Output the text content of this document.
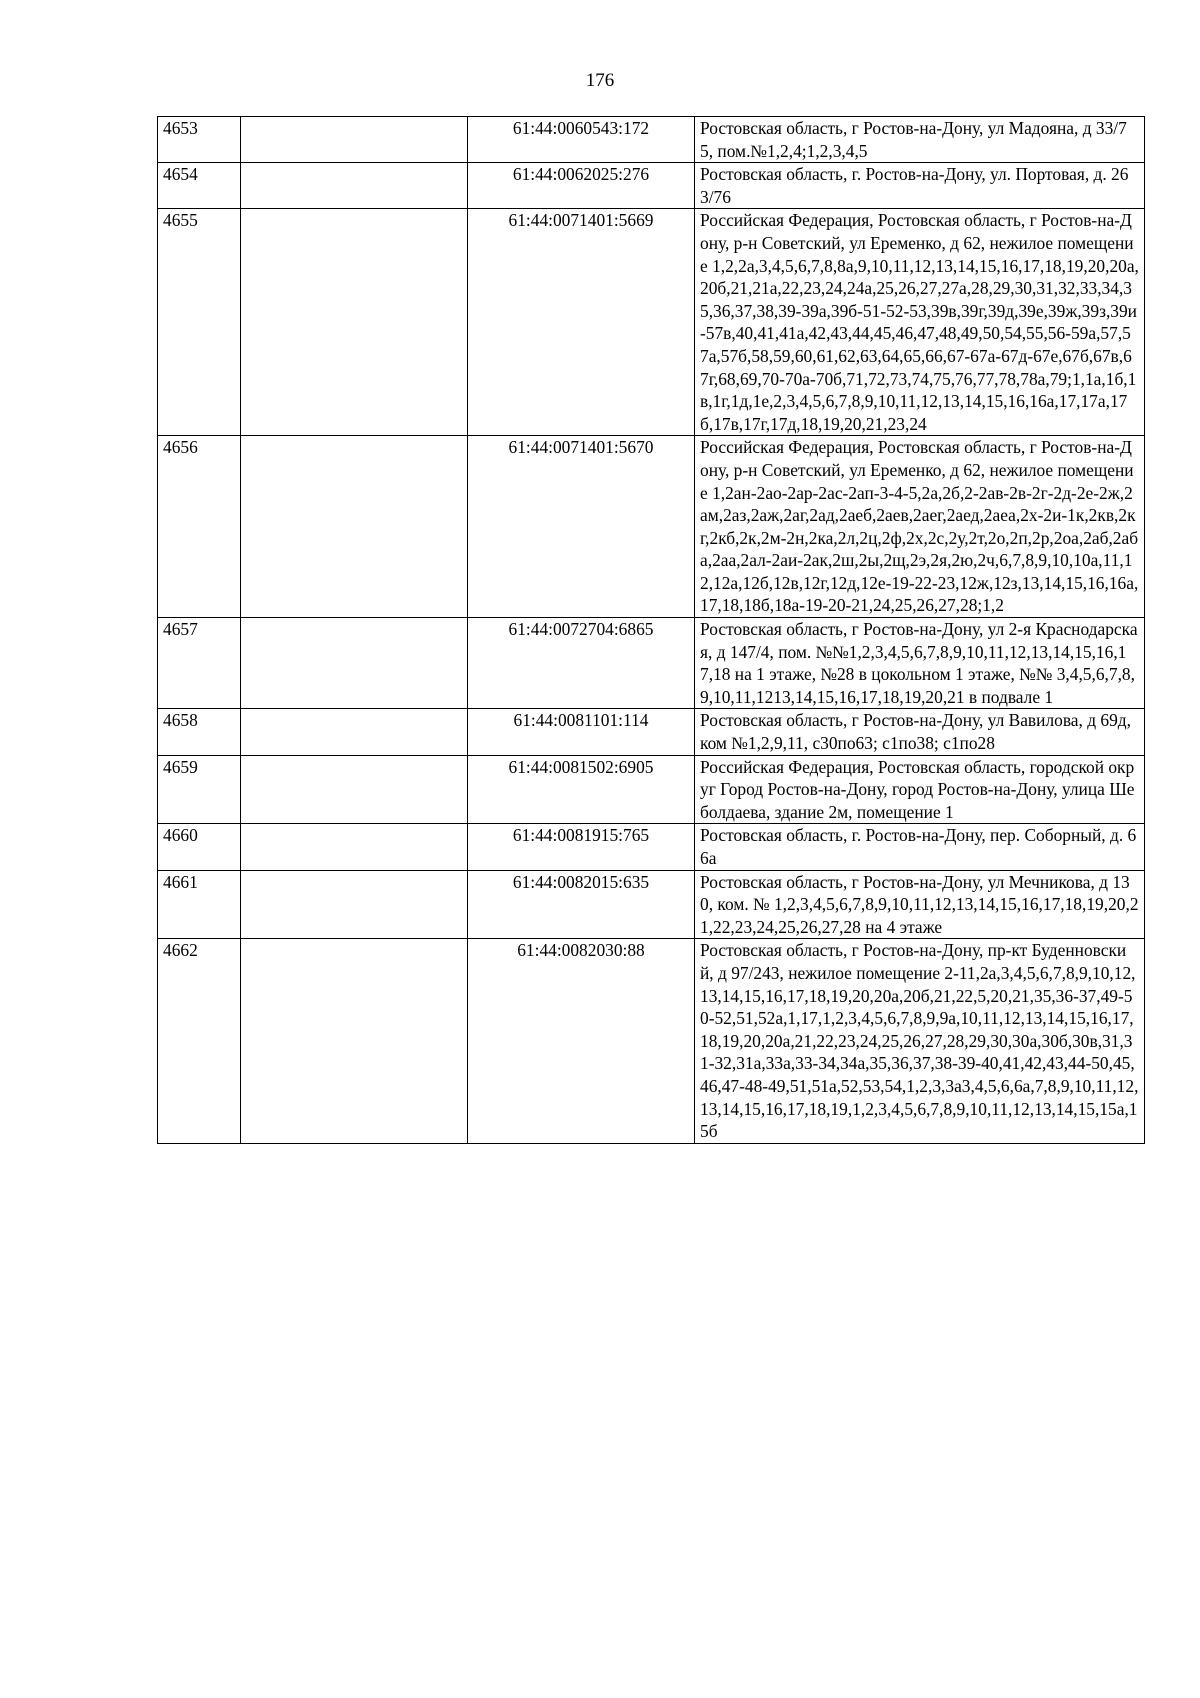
176
4653		61:44:0060543:172	Ростовская область, г Ростов-на-Дону, ул Мадояна, д 33/75, пом.№1,2,4;1,2,3,4,5
4654		61:44:0062025:276	Ростовская область, г. Ростов-на-Дону, ул. Портовая, д. 263/76
4655		61:44:0071401:5669	Российская Федерация, Ростовская область, г Ростов-на-Дону, р-н Советский, ул Еременко, д 62, нежилое помещение 1,2,2а,3,4,5,6,7,8,8а,9,10,11,12,13,14,15,16,17,18,19,20,20а,20б,21,21а,22,23,24,24а,25,26,27,27а,28,29,30,31,32,33,34,35,36,37,38,39-39а,39б-51-52-53,39в,39г,39д,39е,39ж,39з,39и-57в,40,41,41а,42,43,44,45,46,47,48,49,50,54,55,56-59а,57,57а,57б,58,59,60,61,62,63,64,65,66,67-67а-67д-67е,67б,67в,67г,68,69,70-70а-70б,71,72,73,74,75,76,77,78,78а,79;1,1а,1б,1в,1г,1д,1е,2,3,4,5,6,7,8,9,10,11,12,13,14,15,16,16а,17,17а,17б,17в,17г,17д,18,19,20,21,23,24
4656		61:44:0071401:5670	Российская Федерация, Ростовская область, г Ростов-на-Дону, р-н Советский, ул Еременко, д 62, нежилое помещение 1,2ан-2ао-2ар-2ас-2ап-3-4-5,2а,2б,2-2ав-2в-2г-2д-2е-2ж,2ам,2аз,2аж,2аг,2ад,2аеб,2аев,2аег,2аед,2аеа,2х-2и-1к,2кв,2кг,2кб,2к,2м-2н,2ка,2л,2ц,2ф,2х,2с,2у,2т,2о,2п,2р,2оа,2аб,2аба,2аа,2ал-2аи-2ак,2ш,2ы,2щ,2э,2я,2ю,2ч,6,7,8,9,10,10а,11,12,12а,12б,12в,12г,12д,12е-19-22-23,12ж,12з,13,14,15,16,16а,17,18,18б,18а-19-20-21,24,25,26,27,28;1,2
4657		61:44:0072704:6865	Ростовская область, г Ростов-на-Дону, ул 2-я Краснодарская, д 147/4, пом. №№1,2,3,4,5,6,7,8,9,10,11,12,13,14,15,16,17,18 на 1 этаже, №28 в цокольном 1 этаже, №№ 3,4,5,6,7,8,9,10,11,1213,14,15,16,17,18,19,20,21 в подвале 1
4658		61:44:0081101:114	Ростовская область, г Ростов-на-Дону, ул Вавилова, д 69д, ком №1,2,9,11, с30по63; с1по38; с1по28
4659		61:44:0081502:6905	Российская Федерация, Ростовская область, городской округ Город Ростов-на-Дону, город Ростов-на-Дону, улица Шеболдаева, здание 2м, помещение 1
4660		61:44:0081915:765	Ростовская область, г. Ростов-на-Дону, пер. Соборный, д. 66а
4661		61:44:0082015:635	Ростовская область, г Ростов-на-Дону, ул Мечникова, д 130, ком. № 1,2,3,4,5,6,7,8,9,10,11,12,13,14,15,16,17,18,19,20,21,22,23,24,25,26,27,28 на 4 этаже
4662		61:44:0082030:88	Ростовская область, г Ростов-на-Дону, пр-кт Буденновский, д 97/243, нежилое помещение 2-11,2а,3,4,5,6,7,8,9,10,12,13,14,15,16,17,18,19,20,20а,20б,21,22,5,20,21,35,36-37,49-50-52,51,52а,1,17,1,2,3,4,5,6,7,8,9,9а,10,11,12,13,14,15,16,17,18,19,20,20а,21,22,23,24,25,26,27,28,29,30,30а,30б,30в,31,31-32,31а,33а,33-34,34а,35,36,37,38-39-40,41,42,43,44-50,45,46,47-48-49,51,51а,52,53,54,1,2,3,3а3,4,5,6,6а,7,8,9,10,11,12,13,14,15,16,17,18,19,1,2,3,4,5,6,7,8,9,10,11,12,13,14,15,15а,15б
